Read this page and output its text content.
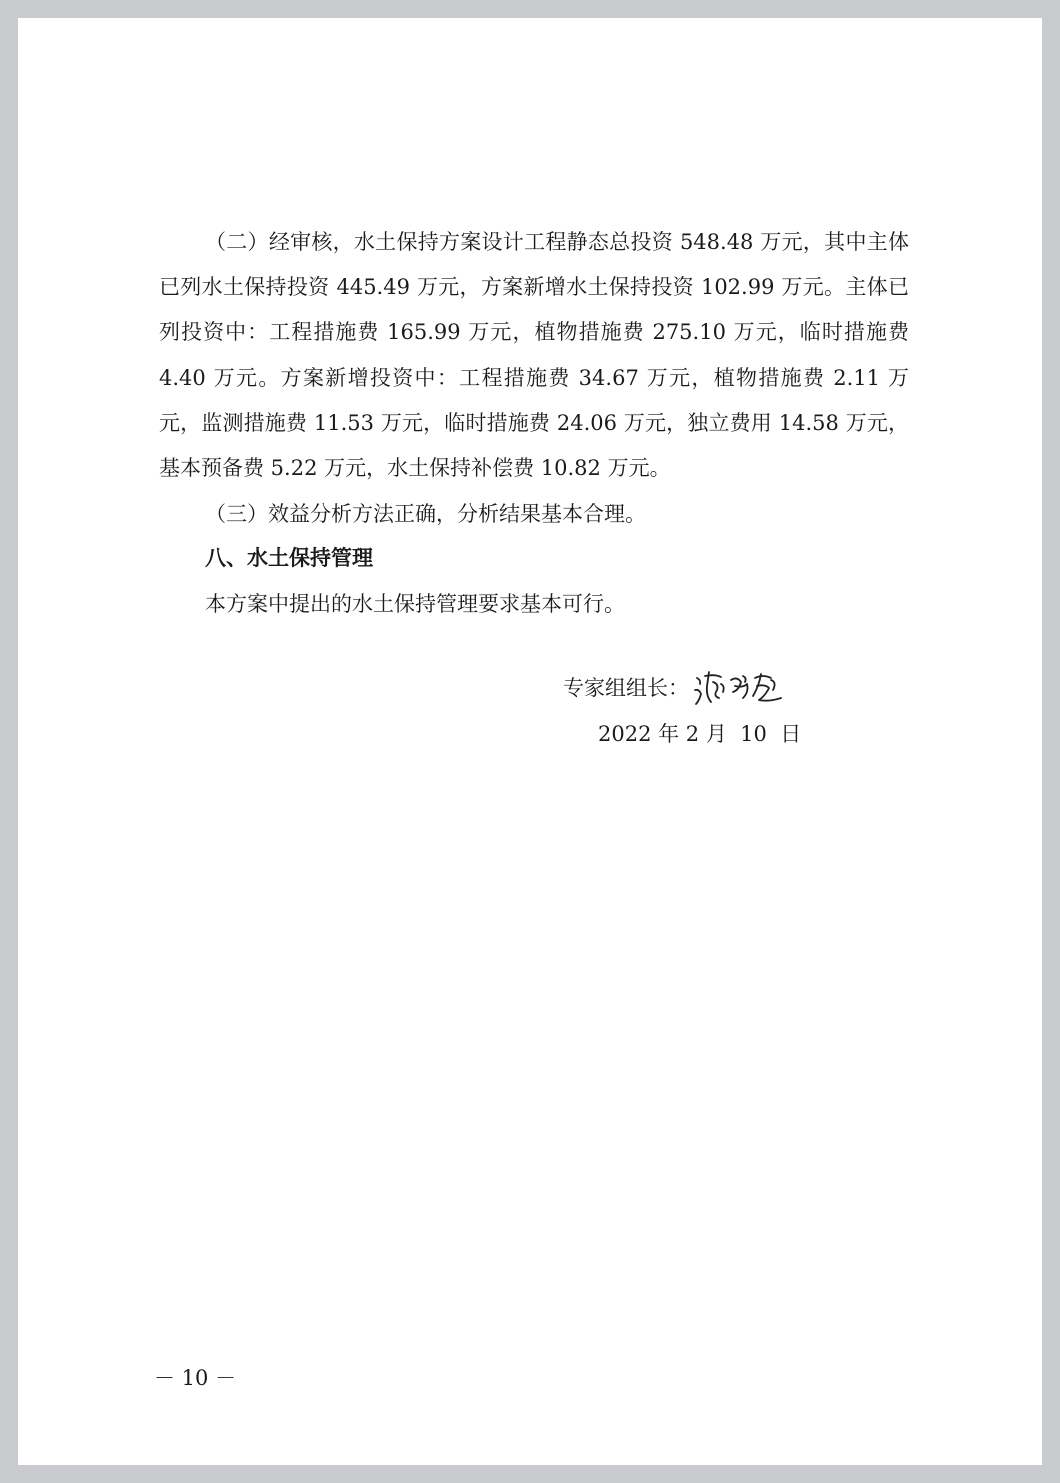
（二）经审核，水土保持方案设计工程静态总投资 548.48 万元，其中主体已列水土保持投资 445.49 万元，方案新增水土保持投资 102.99 万元。主体已列投资中：工程措施费 165.99 万元，植物措施费 275.10 万元，临时措施费 4.40 万元。方案新增投资中：工程措施费 34.67 万元，植物措施费 2.11 万元，监测措施费 11.53 万元，临时措施费 24.06 万元，独立费用 14.58 万元，基本预备费 5.22 万元，水土保持补偿费 10.82 万元。

（三）效益分析方法正确，分析结果基本合理。

八、水土保持管理

本方案中提出的水土保持管理要求基本可行。

专家组组长：
2022 年 2 月  10  日
－ 10 －
